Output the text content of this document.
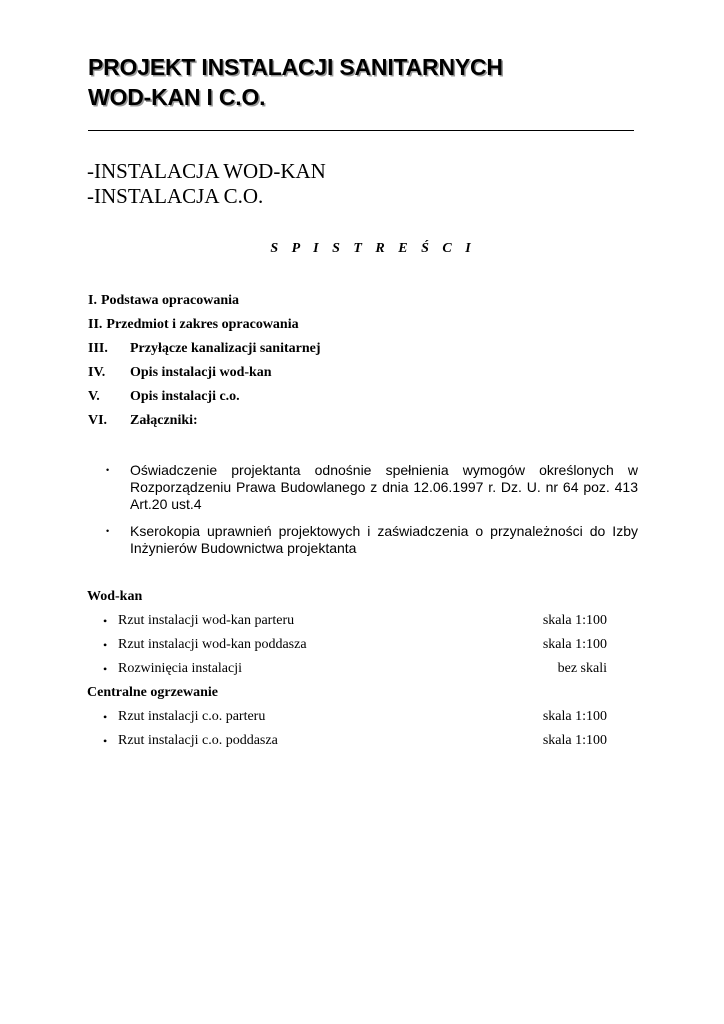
PROJEKT INSTALACJI SANITARNYCH
WOD-KAN I C.O.
-INSTALACJA WOD-KAN
-INSTALACJA C.O.
S P I S T R E Ś C I
I. Podstawa opracowania
II. Przedmiot i zakres opracowania
III.	Przyłącze kanalizacji sanitarnej
IV.	Opis instalacji wod-kan
V.	Opis instalacji c.o.
VI.	Załączniki:
•	Oświadczenie projektanta odnośnie spełnienia wymogów określonych w Rozporządzeniu Prawa Budowlanego z dnia 12.06.1997 r. Dz. U. nr 64 poz. 413 Art.20 ust.4
•	Kserokopia uprawnień projektowych i zaświadczenia o przynależności do Izby Inżynierów Budownictwa projektanta
Wod-kan
• Rzut instalacji wod-kan parteru	skala 1:100
• Rzut instalacji wod-kan poddasza	skala 1:100
• Rozwinięcia instalacji	bez skali
Centralne ogrzewanie
• Rzut instalacji c.o. parteru	skala 1:100
• Rzut instalacji c.o. poddasza	skala 1:100
